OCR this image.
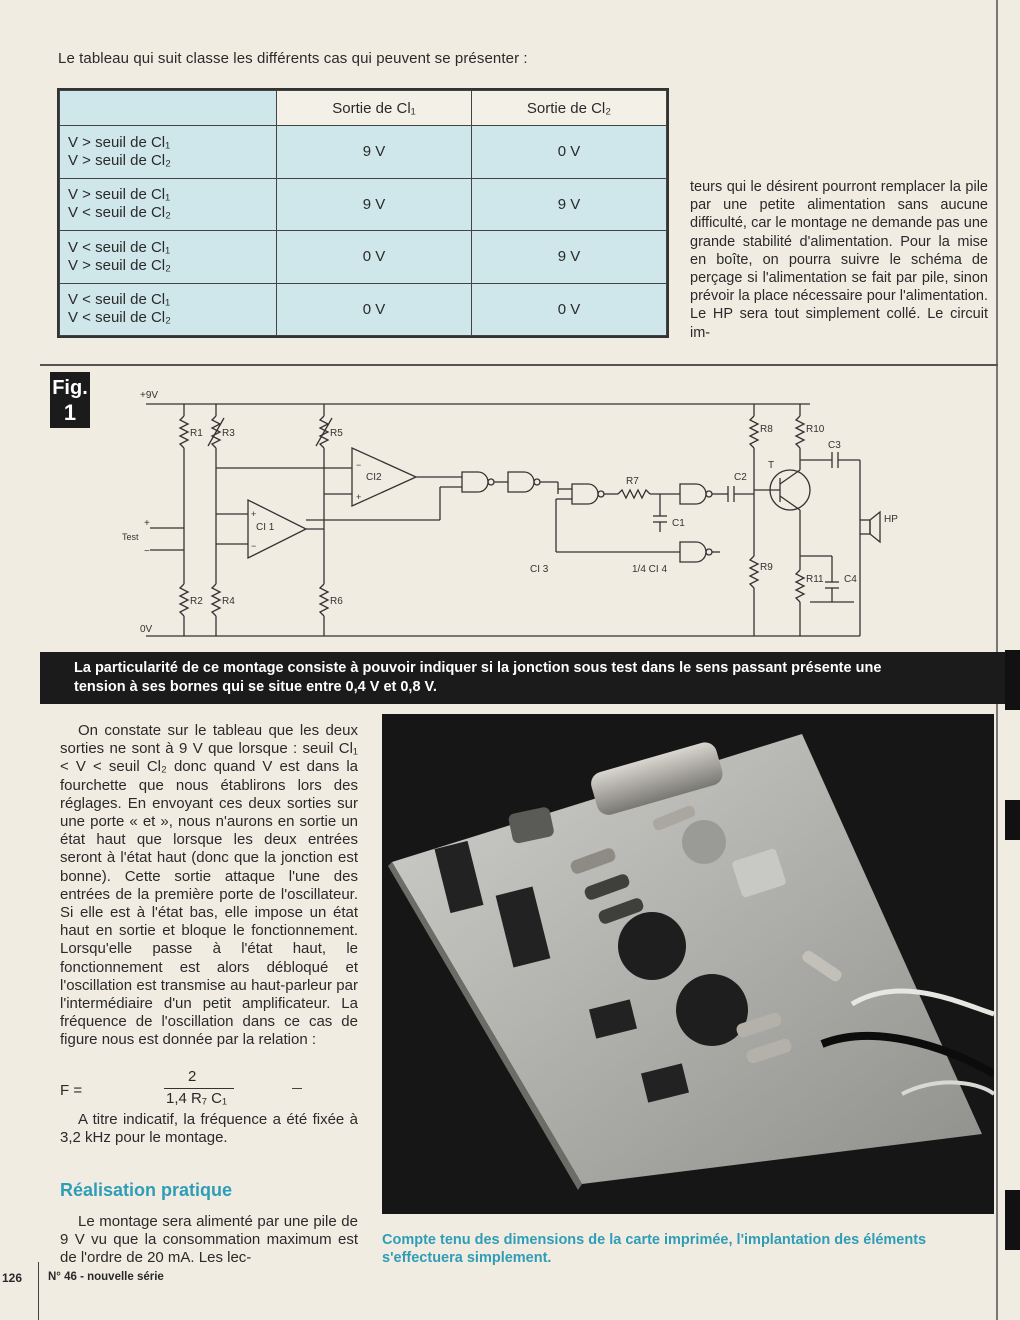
Le tableau qui suit classe les différents cas qui peuvent se présenter :
	Sortie de Cl₁	Sortie de Cl₂
V > seuil de Cl₁
V > seuil de Cl₂	9 V	0 V
V > seuil de Cl₁
V < seuil de Cl₂	9 V	9 V
V < seuil de Cl₁
V > seuil de Cl₂	0 V	9 V
V < seuil de Cl₁
V < seuil de Cl₂	0 V	0 V
teurs qui le désirent pourront remplacer la pile par une petite alimentation sans aucune difficulté, car le montage ne demande pas une grande stabilité d'alimentation. Pour la mise en boîte, on pourra suivre le schéma de perçage si l'alimentation se fait par pile, sinon prévoir la place nécessaire pour l'alimentation. Le HP sera tout simplement collé. Le circuit im-
Fig.
1
+9V
0V
Test
+
−
R1
R2
R3
R4
R5
R6
R7
R8
R9
R10
R11
C1
C2
C3
C4
CI 1
CI2
CI 3	1/4 CI 4
T
HP
−
+
+
−
La particularité de ce montage consiste à pouvoir indiquer si la jonction sous test dans le sens passant présente une
tension à ses bornes qui se situe entre 0,4 V et 0,8 V.

On constate sur le tableau que les deux sorties ne sont à 9 V que lorsque : seuil Cl₁ < V < seuil Cl₂ donc quand V est dans la fourchette que nous établirons lors des réglages. En envoyant ces deux sorties sur une porte « et », nous n'aurons en sortie un état haut que lorsque les deux entrées seront à l'état haut (donc que la jonction est bonne). Cette sortie attaque l'une des entrées de la première porte de l'oscillateur. Si elle est à l'état bas, elle impose un état haut en sortie et bloque le fonctionnement. Lorsqu'elle passe à l'état haut, le fonctionnement est alors débloqué et l'oscillation est transmise au haut-parleur par l'intermédiaire d'un petit amplificateur. La fréquence de l'oscillation dans ce cas de figure nous est donnée par la relation :

F =
2
1,4 R₇ C₁

A titre indicatif, la fréquence a été fixée à 3,2 kHz pour le montage.

Réalisation pratique

Le montage sera alimenté par une pile de 9 V vu que la consommation maximum est de l'ordre de 20 mA. Les lec-

Compte tenu des dimensions de la carte imprimée, l'implantation des éléments s'effectuera simplement.
126 N° 46 - nouvelle série
